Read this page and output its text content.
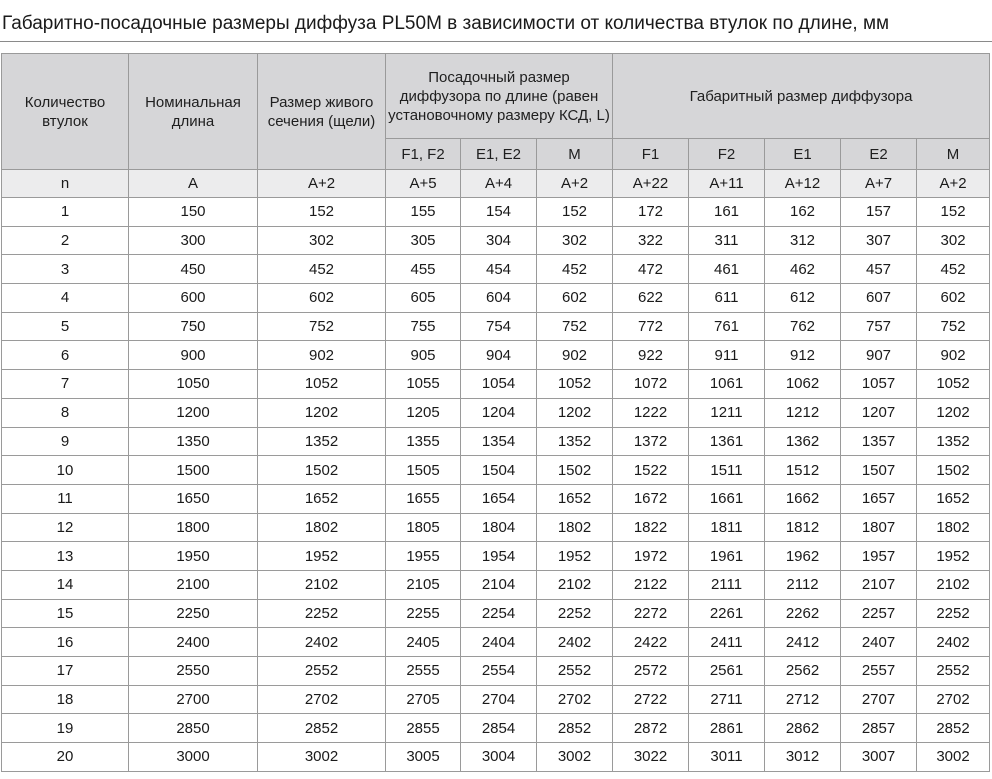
Габаритно-посадочные размеры диффуза PL50M в зависимости от количества втулок по длине, мм
Количество втулок	Номинальная длина	Размер живого сечения (щели)	Посадочный размер диффузора по длине (равен установочному размеру КСД, L)			Габаритный размер диффузора				
			F1, F2	E1, E2	M	F1	F2	E1	E2	M
n	A	A+2	A+5	A+4	A+2	A+22	A+11	A+12	A+7	A+2
1	150	152	155	154	152	172	161	162	157	152
2	300	302	305	304	302	322	311	312	307	302
3	450	452	455	454	452	472	461	462	457	452
4	600	602	605	604	602	622	611	612	607	602
5	750	752	755	754	752	772	761	762	757	752
6	900	902	905	904	902	922	911	912	907	902
7	1050	1052	1055	1054	1052	1072	1061	1062	1057	1052
8	1200	1202	1205	1204	1202	1222	1211	1212	1207	1202
9	1350	1352	1355	1354	1352	1372	1361	1362	1357	1352
10	1500	1502	1505	1504	1502	1522	1511	1512	1507	1502
11	1650	1652	1655	1654	1652	1672	1661	1662	1657	1652
12	1800	1802	1805	1804	1802	1822	1811	1812	1807	1802
13	1950	1952	1955	1954	1952	1972	1961	1962	1957	1952
14	2100	2102	2105	2104	2102	2122	2111	2112	2107	2102
15	2250	2252	2255	2254	2252	2272	2261	2262	2257	2252
16	2400	2402	2405	2404	2402	2422	2411	2412	2407	2402
17	2550	2552	2555	2554	2552	2572	2561	2562	2557	2552
18	2700	2702	2705	2704	2702	2722	2711	2712	2707	2702
19	2850	2852	2855	2854	2852	2872	2861	2862	2857	2852
20	3000	3002	3005	3004	3002	3022	3011	3012	3007	3002
